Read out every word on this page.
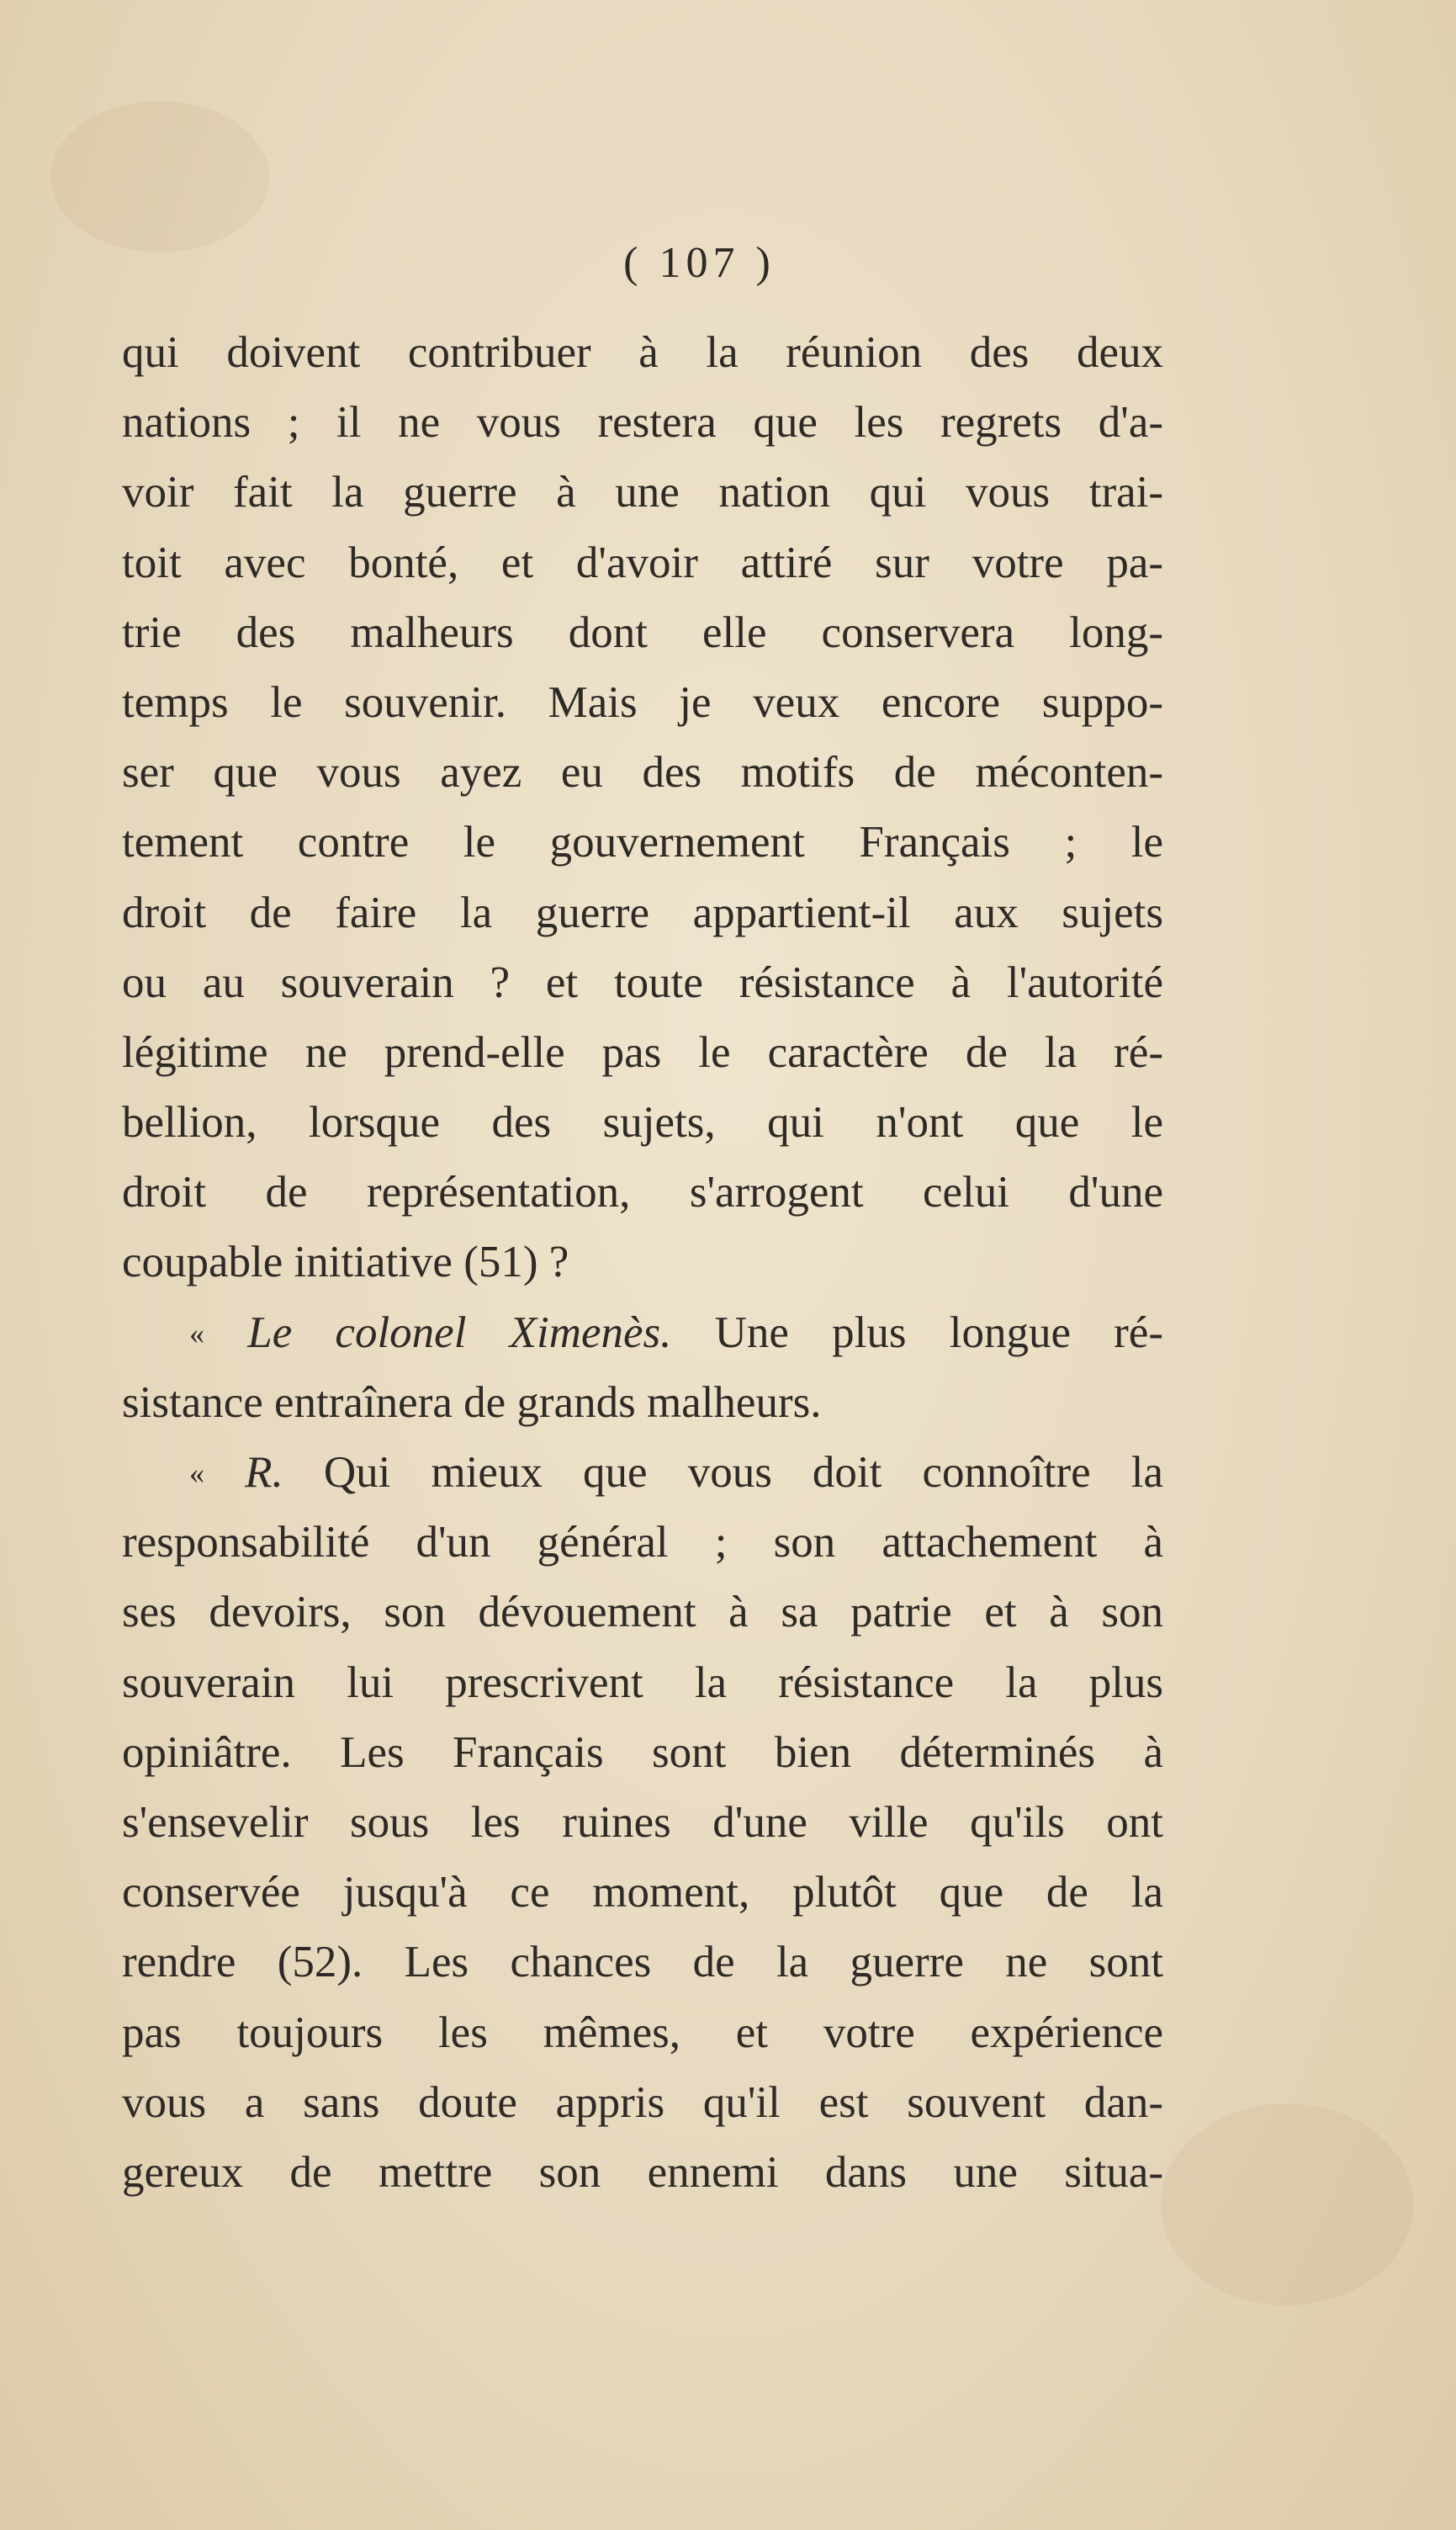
( 107 )
qui doivent contribuer à la réunion des deux
nations ; il ne vous restera que les regrets d'a-
voir fait la guerre à une nation qui vous trai-
toit avec bonté, et d'avoir attiré sur votre pa-
trie des malheurs dont elle conservera long-
temps le souvenir. Mais je veux encore suppo-
ser que vous ayez eu des motifs de méconten-
tement contre le gouvernement Français ; le
droit de faire la guerre appartient-il aux sujets
ou au souverain ? et toute résistance à l'autorité
légitime ne prend-elle pas le caractère de la ré-
bellion, lorsque des sujets, qui n'ont que le
droit de représentation, s'arrogent celui d'une
coupable initiative (51) ?
« Le colonel Ximenès. Une plus longue ré-
sistance entraînera de grands malheurs.
« R. Qui mieux que vous doit connoître la
responsabilité d'un général ; son attachement à
ses devoirs, son dévouement à sa patrie et à son
souverain lui prescrivent la résistance la plus
opiniâtre. Les Français sont bien déterminés à
s'ensevelir sous les ruines d'une ville qu'ils ont
conservée jusqu'à ce moment, plutôt que de la
rendre (52). Les chances de la guerre ne sont
pas toujours les mêmes, et votre expérience
vous a sans doute appris qu'il est souvent dan-
gereux de mettre son ennemi dans une situa-
